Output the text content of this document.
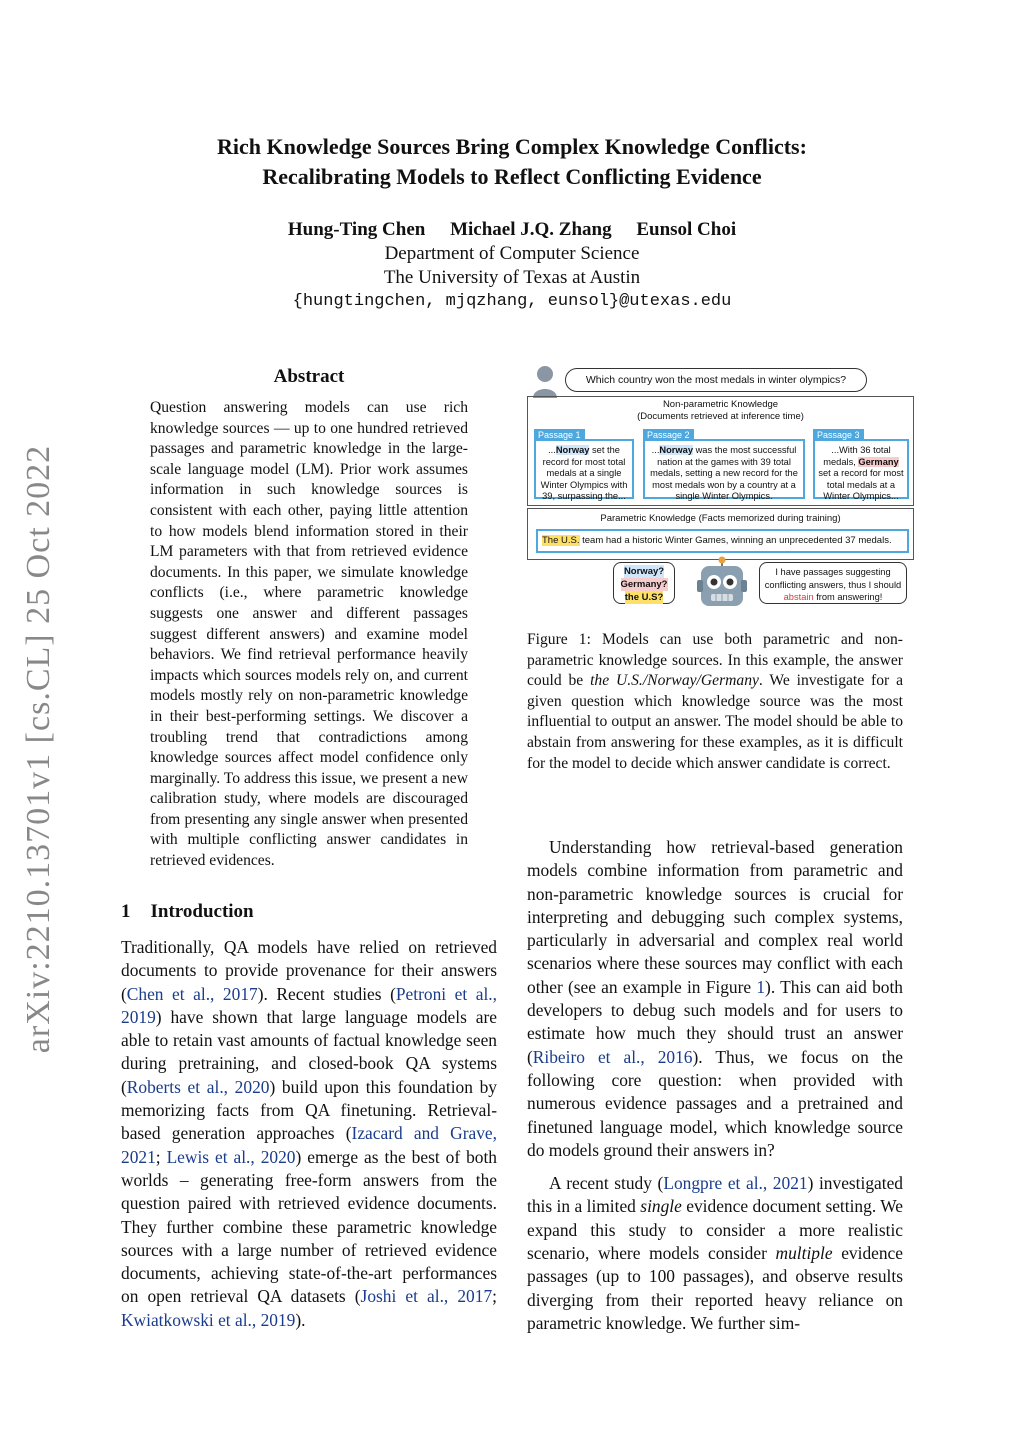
arXiv:2210.13701v1 [cs.CL] 25 Oct 2022
Rich Knowledge Sources Bring Complex Knowledge Conflicts:
Recalibrating Models to Reflect Conflicting Evidence
Hung-Ting Chen Michael J.Q. Zhang Eunsol Choi
Department of Computer Science
The University of Texas at Austin
{hungtingchen, mjqzhang, eunsol}@utexas.edu
Abstract
Question answering models can use rich knowledge sources — up to one hundred retrieved passages and parametric knowledge in the large-scale language model (LM). Prior work assumes information in such knowledge sources is consistent with each other, paying little attention to how models blend information stored in their LM parameters with that from retrieved evidence documents. In this paper, we simulate knowledge conflicts (i.e., where parametric knowledge suggests one answer and different passages suggest different answers) and examine model behaviors. We find retrieval performance heavily impacts which sources models rely on, and current models mostly rely on non-parametric knowledge in their best-performing settings. We discover a troubling trend that contradictions among knowledge sources affect model confidence only marginally. To address this issue, we present a new calibration study, where models are discouraged from presenting any single answer when presented with multiple conflicting answer candidates in retrieved evidences.
1 Introduction

Traditionally, QA models have relied on retrieved documents to provide provenance for their answers (Chen et al., 2017). Recent studies (Petroni et al., 2019) have shown that large language models are able to retain vast amounts of factual knowledge seen during pretraining, and closed-book QA systems (Roberts et al., 2020) build upon this foundation by memorizing facts from QA finetuning. Retrieval-based generation approaches (Izacard and Grave, 2021; Lewis et al., 2020) emerge as the best of both worlds – generating free-form answers from the question paired with retrieved evidence documents. They further combine these parametric knowledge sources with a large number of retrieved evidence documents, achieving state-of-the-art performances on open retrieval QA datasets (Joshi et al., 2017; Kwiatkowski et al., 2019).

Which country won the most medals in winter olympics?
Non-parametric Knowledge
(Documents retrieved at inference time)
Passage 1
...Norway set the record for most total medals at a single Winter Olympics with 39, surpassing the...
Passage 2
...Norway was the most successful nation at the games with 39 total medals, setting a new record for the most medals won by a country at a single Winter Olympics.
Passage 3
...With 36 total medals, Germany set a record for most total medals at a Winter Olympics...
Parametric Knowledge (Facts memorized during training)
The U.S. team had a historic Winter Games, winning an unprecedented 37 medals.
Norway?
Germany?
the U.S?
I have passages suggesting conflicting answers, thus I should abstain from answering!
Figure 1: Models can use both parametric and non-parametric knowledge sources. In this example, the answer could be the U.S./Norway/Germany. We investigate for a given question which knowledge source was the most influential to output an answer. The model should be able to abstain from answering for these examples, as it is difficult for the model to decide which answer candidate is correct.

Understanding how retrieval-based generation models combine information from parametric and non-parametric knowledge sources is crucial for interpreting and debugging such complex systems, particularly in adversarial and complex real world scenarios where these sources may conflict with each other (see an example in Figure 1). This can aid both developers to debug such models and for users to estimate how much they should trust an answer (Ribeiro et al., 2016). Thus, we focus on the following core question: when provided with numerous evidence passages and a pretrained and finetuned language model, which knowledge source do models ground their answers in?

A recent study (Longpre et al., 2021) investigated this in a limited single evidence document setting. We expand this study to consider a more realistic scenario, where models consider multiple evidence passages (up to 100 passages), and observe results diverging from their reported heavy reliance on parametric knowledge. We further sim-
